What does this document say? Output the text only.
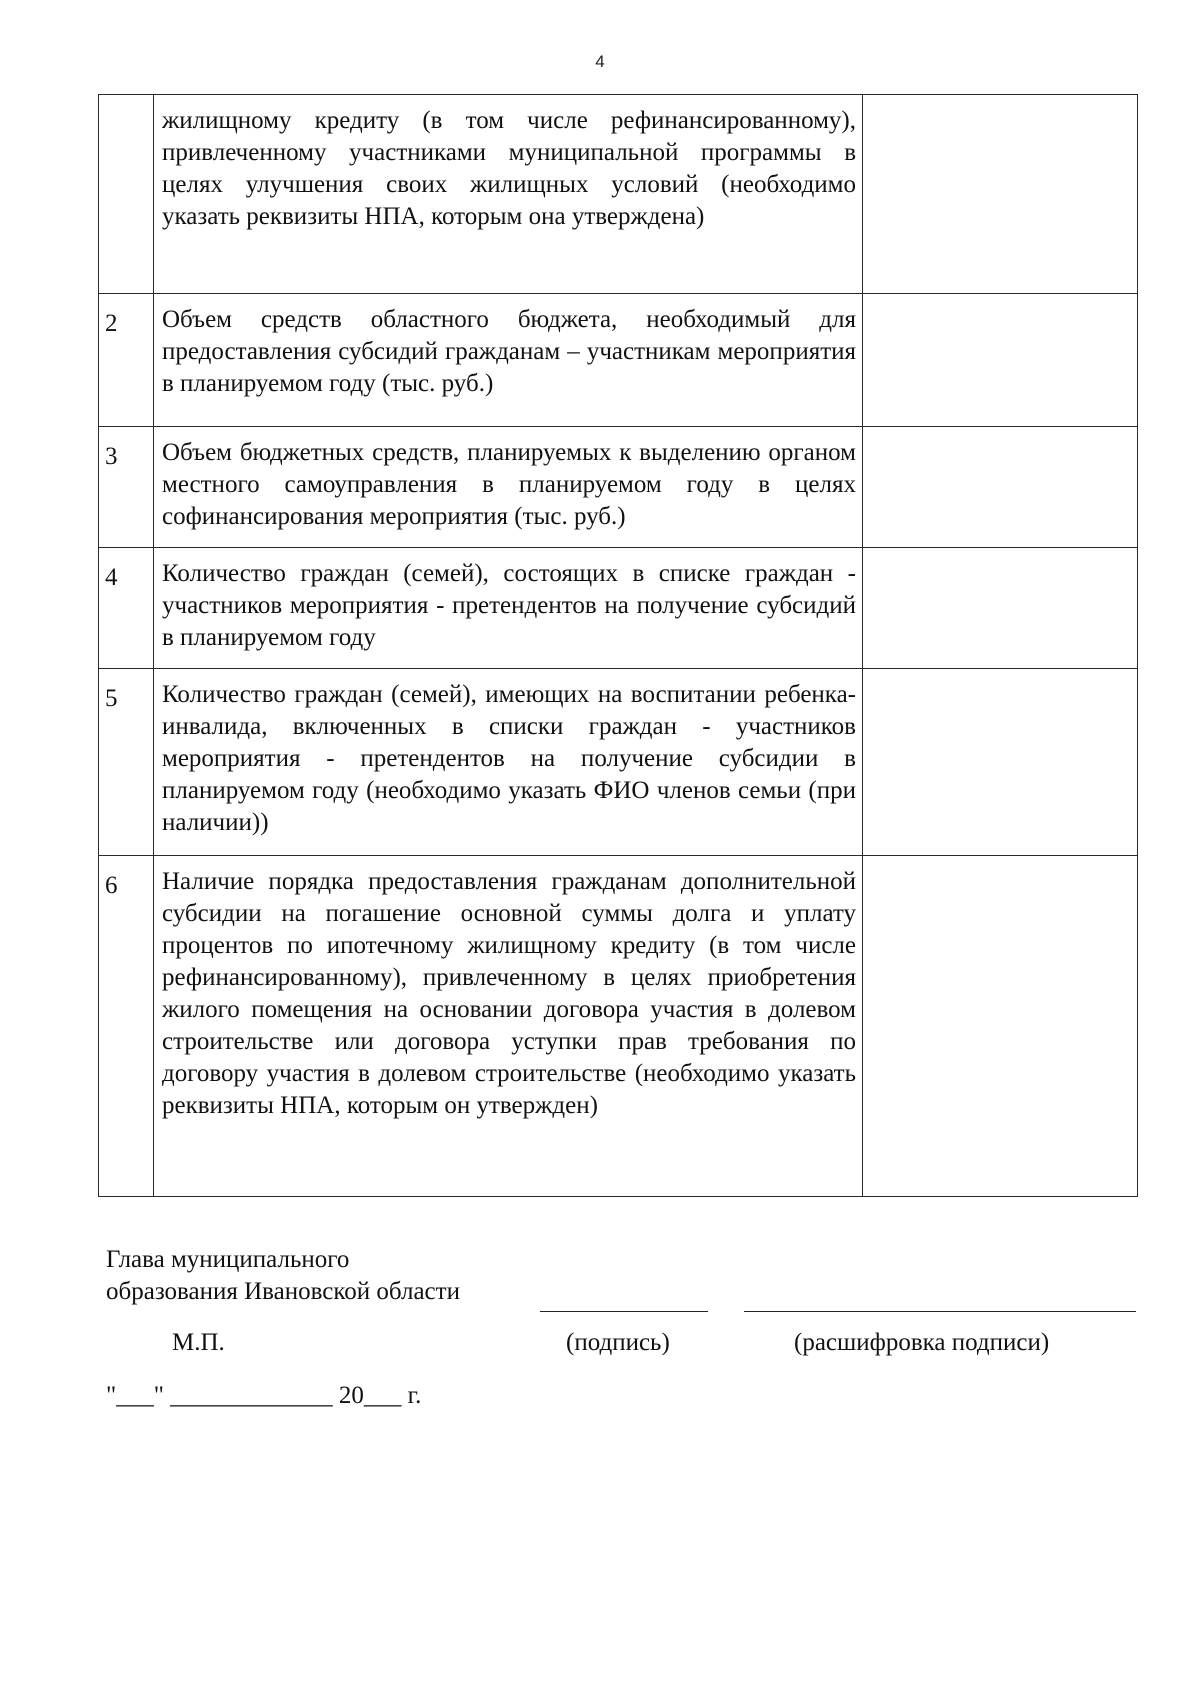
4
	жилищному кредиту (в том числе рефинансированному), привлеченному участниками муниципальной программы в целях улучшения своих жилищных условий (необходимо указать реквизиты НПА, которым она утверждена)	
2	Объем средств областного бюджета, необходимый для предоставления субсидий гражданам – участникам мероприятия в планируемом году (тыс. руб.)	
3	Объем бюджетных средств, планируемых к выделению органом местного самоуправления в планируемом году в целях софинансирования мероприятия (тыс. руб.)	
4	Количество граждан (семей), состоящих в списке граждан - участников мероприятия - претендентов на получение субсидий в планируемом году	
5	Количество граждан (семей), имеющих на воспитании ребенка-инвалида, включенных в списки граждан - участников мероприятия - претендентов на получение субсидии в планируемом году (необходимо указать ФИО членов семьи (при наличии))	
6	Наличие порядка предоставления гражданам дополнительной субсидии на погашение основной суммы долга и уплату процентов по ипотечному жилищному кредиту (в том числе рефинансированному), привлеченному в целях приобретения жилого помещения на основании договора участия в долевом строительстве или договора уступки прав требования по договору участия в долевом строительстве (необходимо указать реквизиты НПА, которым он утвержден)	
Глава муниципального
образования Ивановской области
М.П.	(подпись)	(расшифровка подписи)
"___" _____________ 20___ г.
